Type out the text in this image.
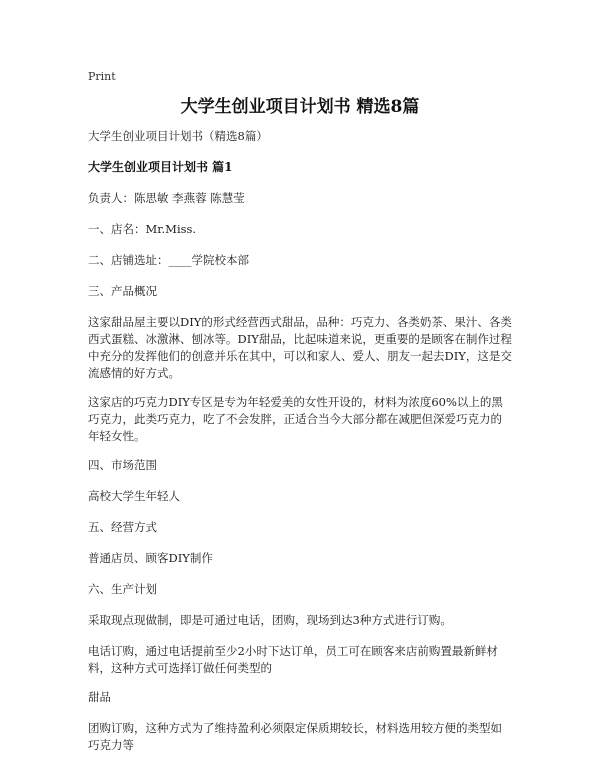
Print
大学生创业项目计划书 精选8篇
大学生创业项目计划书（精选8篇）
大学生创业项目计划书 篇1
负责人：陈思敏 李燕蓉 陈慧莹
一、店名：Mr.Miss.
二、店铺选址：____学院校本部
三、产品概况
这家甜品屋主要以DIY的形式经营西式甜品，品种：巧克力、各类奶茶、果汁、各类西式蛋糕、冰激淋、刨冰等。DIY甜品，比起味道来说，更重要的是顾客在制作过程中充分的发挥他们的创意并乐在其中，可以和家人、爱人、朋友一起去DIY，这是交流感情的好方式。
这家店的巧克力DIY专区是专为年轻爱美的女性开设的，材料为浓度60%以上的黑巧克力，此类巧克力，吃了不会发胖，正适合当今大部分都在减肥但深爱巧克力的年轻女性。
四、市场范围
高校大学生年轻人
五、经营方式
普通店员、顾客DIY制作
六、生产计划
采取现点现做制，即是可通过电话，团购，现场到达3种方式进行订购。
电话订购，通过电话提前至少2小时下达订单，员工可在顾客来店前购置最新鲜材料，这种方式可选择订做任何类型的
甜品
团购订购，这种方式为了维持盈利必须限定保质期较长，材料选用较方便的类型如巧克力等
